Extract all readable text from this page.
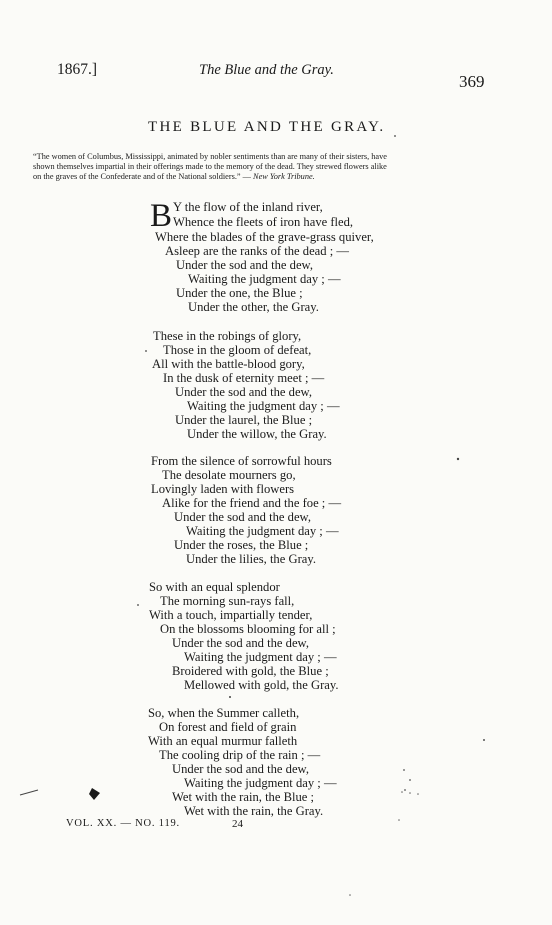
1867.]	The Blue and the Gray.
369
THE BLUE AND THE GRAY.
“The women of Columbus, Mississippi, animated by nobler sentiments than are many of their sisters, have
shown themselves impartial in their offerings made to the memory of the dead. They strewed flowers alike
on the graves of the Confederate and of the National soldiers.” — New York Tribune.
B Y the flow of the inland river,
Whence the fleets of iron have fled,
Where the blades of the grave-grass quiver,
Asleep are the ranks of the dead ; —
Under the sod and the dew,
Waiting the judgment day ; —
Under the one, the Blue ;
Under the other, the Gray.
These in the robings of glory,
Those in the gloom of defeat,
All with the battle-blood gory,
In the dusk of eternity meet ; —
Under the sod and the dew,
Waiting the judgment day ; —
Under the laurel, the Blue ;
Under the willow, the Gray.
From the silence of sorrowful hours
The desolate mourners go,
Lovingly laden with flowers
Alike for the friend and the foe ; —
Under the sod and the dew,
Waiting the judgment day ; —
Under the roses, the Blue ;
Under the lilies, the Gray.
So with an equal splendor
The morning sun-rays fall,
With a touch, impartially tender,
On the blossoms blooming for all ;
Under the sod and the dew,
Waiting the judgment day ; —
Broidered with gold, the Blue ;
Mellowed with gold, the Gray.
So, when the Summer calleth,
On forest and field of grain
With an equal murmur falleth
The cooling drip of the rain ; —
Under the sod and the dew,
Waiting the judgment day ; —
Wet with the rain, the Blue ;
Wet with the rain, the Gray.
VOL. XX. — NO. 119.	24
